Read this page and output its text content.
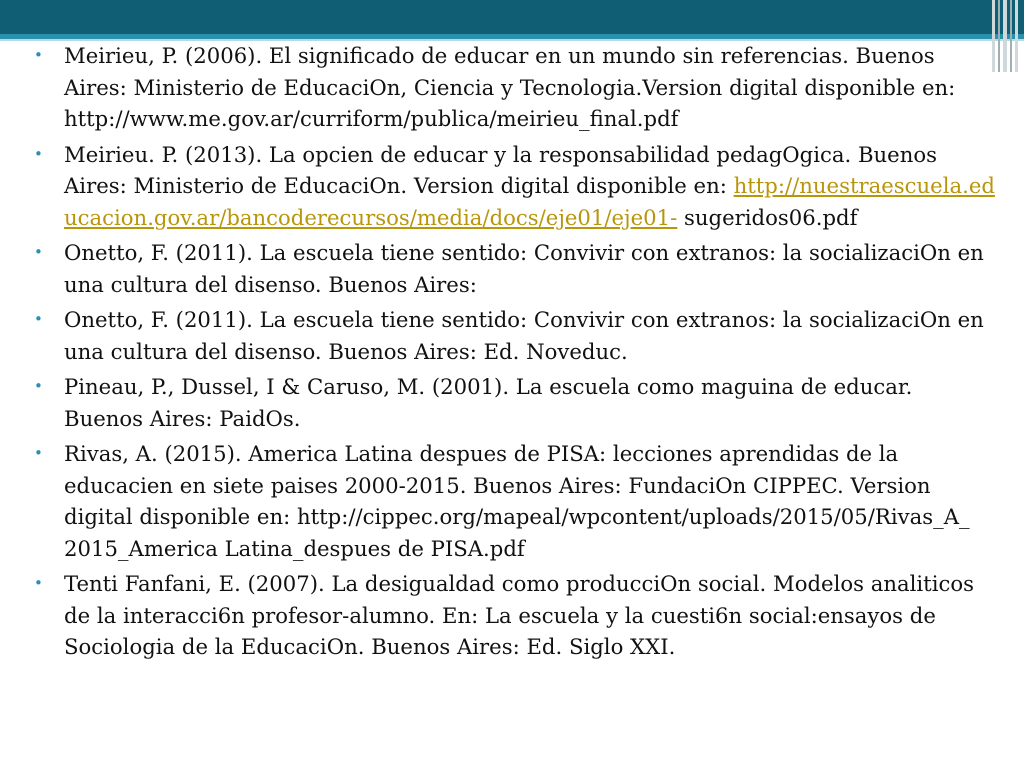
• Meirieu, P. (2006). El significado de educar en un mundo sin referencias. Buenos Aires: Ministerio de EducaciOn, Ciencia y Tecnologia.Version digital disponible en: http://www.me.gov.ar/curriform/publica/meirieu_final.pdf
• Meirieu. P. (2013). La opcien de educar y la responsabilidad pedagOgica. Buenos Aires: Ministerio de EducaciOn. Version digital disponible en: http://nuestraescuela.educacion.gov.ar/bancoderecursos/media/docs/eje01/eje01- sugeridos06.pdf
• Onetto, F. (2011). La escuela tiene sentido: Convivir con extranos: la socializaciOn en una cultura del disenso. Buenos Aires:
• Onetto, F. (2011). La escuela tiene sentido: Convivir con extranos: la socializaciOn en una cultura del disenso. Buenos Aires: Ed. Noveduc.
• Pineau, P., Dussel, I & Caruso, M. (2001). La escuela como maguina de educar. Buenos Aires: PaidOs.
• Rivas, A. (2015). America Latina despues de PISA: lecciones aprendidas de la educacien en siete paises 2000-2015. Buenos Aires: FundaciOn CIPPEC. Version digital disponible en: http://cippec.org/mapeal/wpcontent/uploads/2015/05/Rivas_A_ 2015_America Latina_despues de PISA.pdf
• Tenti Fanfani, E. (2007). La desigualdad como producciOn social. Modelos analiticos de la interacci6n profesor-alumno. En: La escuela y la cuesti6n social:ensayos de Sociologia de la EducaciOn. Buenos Aires: Ed. Siglo XXI.
